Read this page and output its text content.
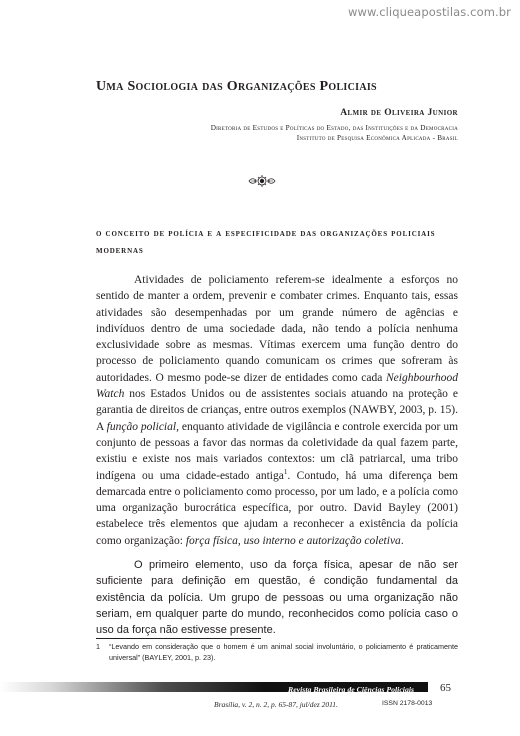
www.cliqueapostilas.com.br
Uma Sociologia das Organizações Policiais
Almir de Oliveira Junior
Diretoria de Estudos e Políticas do Estado, das Instituições e da Democracia
Instituto de Pesquisa Econômica Aplicada - Brasil
o conceito de polícia e a especificidade das organizações policiais modernas

Atividades de policiamento referem-se idealmente a esforços no sentido de manter a ordem, prevenir e combater crimes. Enquanto tais, essas atividades são desempenhadas por um grande número de agências e indivíduos dentro de uma sociedade dada, não tendo a polícia nenhuma exclusividade sobre as mesmas. Vítimas exercem uma função dentro do processo de policiamento quando comunicam os crimes que sofreram às autoridades. O mesmo pode-se dizer de entidades como cada Neighbourhood Watch nos Estados Unidos ou de assistentes sociais atuando na proteção e garantia de direitos de crianças, entre outros exemplos (NAWBY, 2003, p. 15). A função policial, enquanto atividade de vigilância e controle exercida por um conjunto de pessoas a favor das normas da coletividade da qual fazem parte, existiu e existe nos mais variados contextos: um clã patriarcal, uma tribo indígena ou uma cidade-estado antiga$^1$. Contudo, há uma diferença bem demarcada entre o policiamento como processo, por um lado, e a polícia como uma organização burocrática específica, por outro. David Bayley (2001) estabelece três elementos que ajudam a reconhecer a existência da polícia como organização: força física, uso interno e autorização coletiva.

O primeiro elemento, uso da força física, apesar de não ser suficiente para definição em questão, é condição fundamental da existência da polícia. Um grupo de pessoas ou uma organização não seriam, em qualquer parte do mundo, reconhecidos como polícia caso o uso da força não estivesse presente.

1 “Levando em consideração que o homem é um animal social involuntário, o policiamento é praticamente universal” (BAYLEY, 2001, p. 23).

Revista Brasileira de Ciências Policiais 65
Brasília, v. 2, n. 2, p. 65-87, jul/dez 2011.	ISSN 2178-0013
